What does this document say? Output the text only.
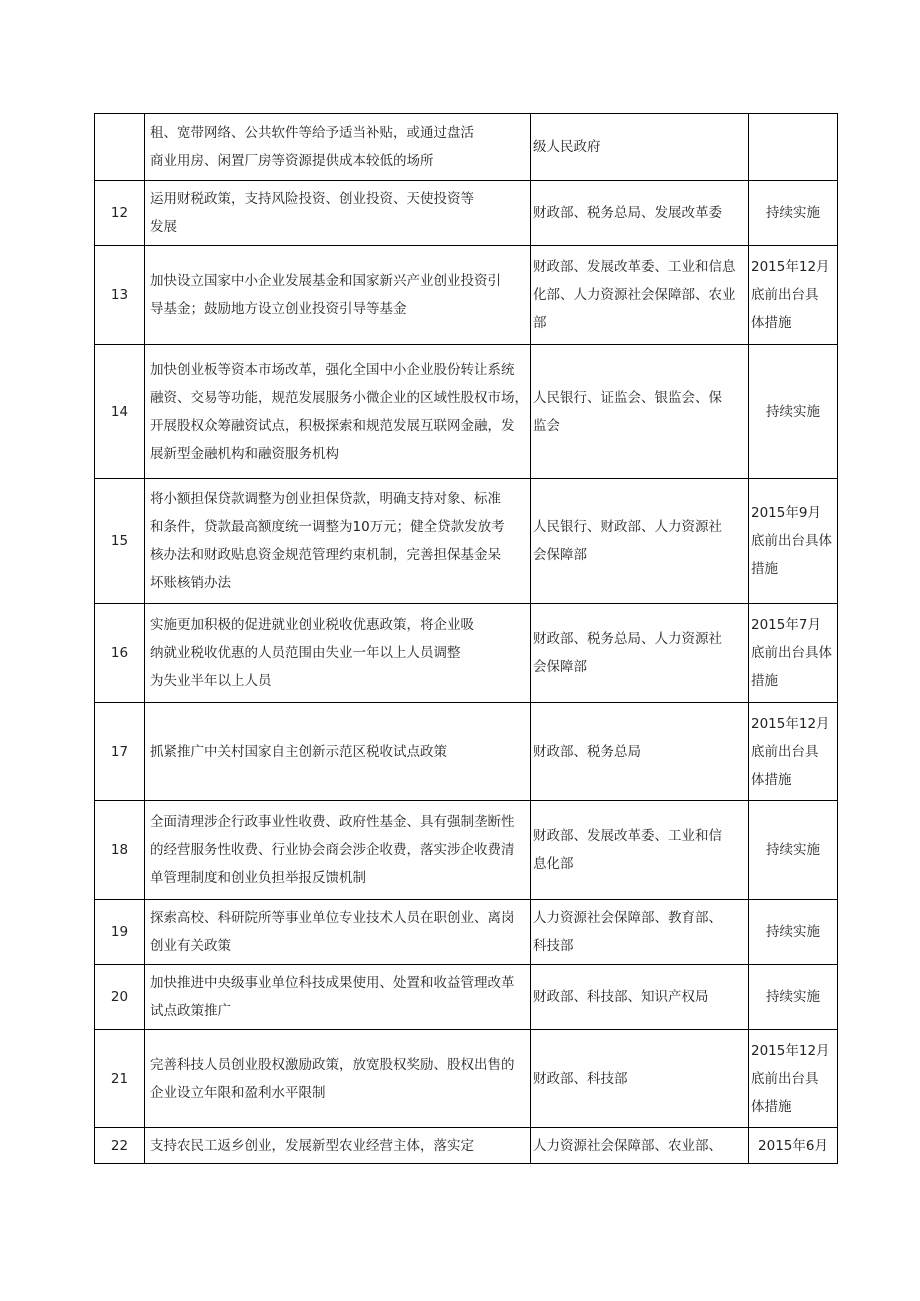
	租、宽带网络、公共软件等给予适当补贴，或通过盘活
商业用房、闲置厂房等资源提供成本较低的场所	级人民政府	

12	运用财税政策，支持风险投资、创业投资、天使投资等
发展	财政部、税务总局、发展改革委	持续实施

13	加快设立国家中小企业发展基金和国家新兴产业创业投资引
导基金；鼓励地方设立创业投资引导等基金	财政部、发展改革委、工业和信息
化部、人力资源社会保障部、农业
部	2015年12月
底前出台具
体措施

14	加快创业板等资本市场改革，强化全国中小企业股份转让系统
融资、交易等功能，规范发展服务小微企业的区域性股权市场，
开展股权众筹融资试点，积极探索和规范发展互联网金融，发
展新型金融机构和融资服务机构	人民银行、证监会、银监会、保
监会	持续实施

15	将小额担保贷款调整为创业担保贷款，明确支持对象、标准
和条件，贷款最高额度统一调整为10万元；健全贷款发放考
核办法和财政贴息资金规范管理约束机制，完善担保基金呆
坏账核销办法	人民银行、财政部、人力资源社
会保障部	2015年9月
底前出台具体
措施

16	实施更加积极的促进就业创业税收优惠政策，将企业吸
纳就业税收优惠的人员范围由失业一年以上人员调整
为失业半年以上人员	财政部、税务总局、人力资源社
会保障部	2015年7月
底前出台具体
措施

17	抓紧推广中关村国家自主创新示范区税收试点政策	财政部、税务总局	2015年12月
底前出台具
体措施

18	全面清理涉企行政事业性收费、政府性基金、具有强制垄断性
的经营服务性收费、行业协会商会涉企收费，落实涉企收费清
单管理制度和创业负担举报反馈机制	财政部、发展改革委、工业和信
息化部	持续实施

19	探索高校、科研院所等事业单位专业技术人员在职创业、离岗
创业有关政策	人力资源社会保障部、教育部、
科技部	持续实施

20	加快推进中央级事业单位科技成果使用、处置和收益管理改革
试点政策推广	财政部、科技部、知识产权局	持续实施

21	完善科技人员创业股权激励政策，放宽股权奖励、股权出售的
企业设立年限和盈利水平限制	财政部、科技部	2015年12月
底前出台具
体措施

22	支持农民工返乡创业，发展新型农业经营主体，落实定	人力资源社会保障部、农业部、	2015年6月
